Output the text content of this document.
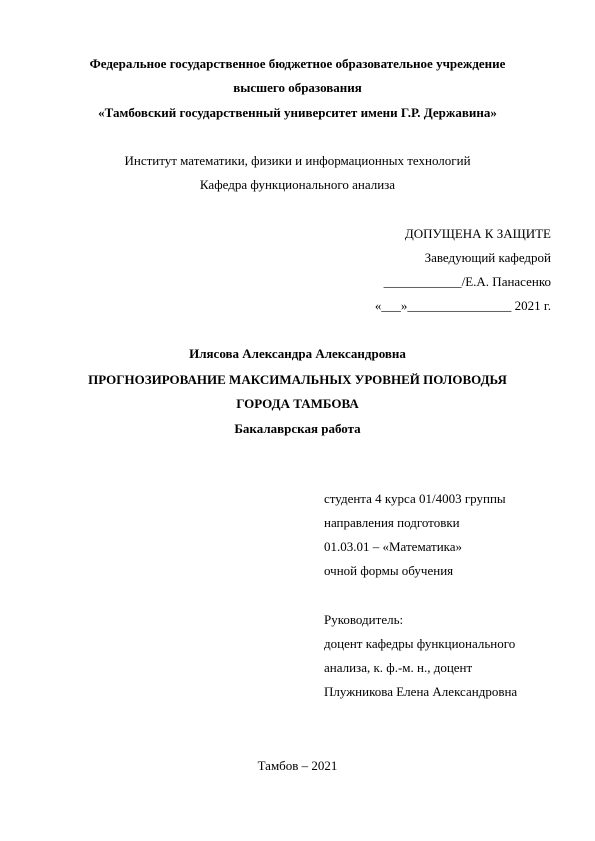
Федеральное государственное бюджетное образовательное учреждение
высшего образования
«Тамбовский государственный университет имени Г.Р. Державина»
Институт математики, физики и информационных технологий
Кафедра функционального анализа
ДОПУЩЕНА К ЗАЩИТЕ
Заведующий кафедрой
____________/Е.А. Панасенко
«___»________________ 2021 г.
Илясова Александра Александровна
ПРОГНОЗИРОВАНИЕ МАКСИМАЛЬНЫХ УРОВНЕЙ ПОЛОВОДЬЯ
ГОРОДА ТАМБОВА
Бакалаврская работа
студента 4 курса 01/4003 группы
направления подготовки
01.03.01 – «Математика»
очной формы обучения
Руководитель:
доцент кафедры функционального
анализа, к. ф.-м. н., доцент
Плужникова Елена Александровна
Тамбов – 2021
